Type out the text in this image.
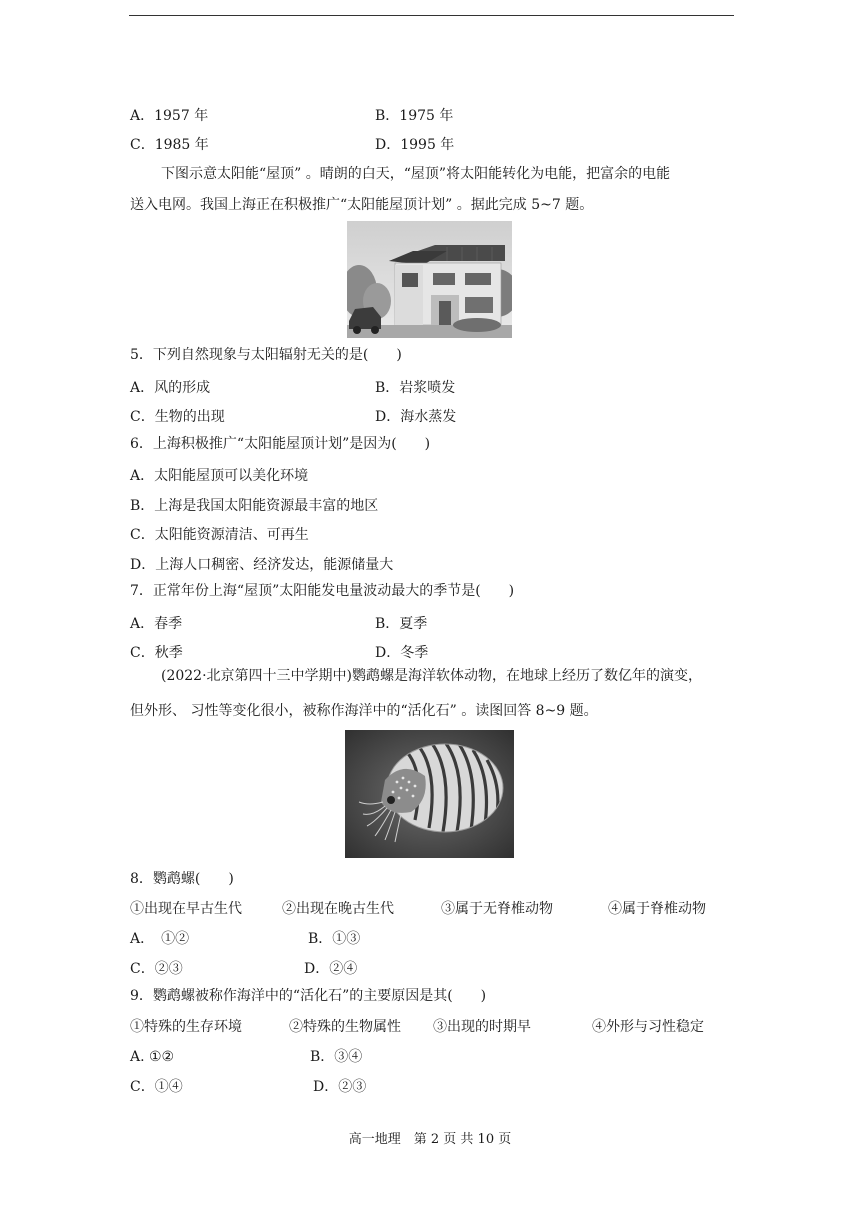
A．1957 年	B．1975 年
C．1985 年	D．1995 年
下图示意太阳能“屋顶” 。晴朗的白天，“屋顶”将太阳能转化为电能，把富余的电能
送入电网。我国上海正在积极推广“太阳能屋顶计划” 。据此完成 5~7 题。
5．下列自然现象与太阳辐射无关的是(　　)
A．风的形成	B．岩浆喷发
C．生物的出现	D．海水蒸发
6．上海积极推广“太阳能屋顶计划”是因为(　　)
A．太阳能屋顶可以美化环境
B．上海是我国太阳能资源最丰富的地区
C．太阳能资源清洁、可再生
D．上海人口稠密、经济发达，能源储量大
7．正常年份上海“屋顶”太阳能发电量波动最大的季节是(　　)
A．春季	B．夏季
C．秋季	D．冬季
(2022·北京第四十三中学期中)鹦鹉螺是海洋软体动物，在地球上经历了数亿年的演变，
但外形、 习性等变化很小，被称作海洋中的“活化石” 。读图回答 8~9 题。
8．鹦鹉螺(　　)
①出现在早古生代	②出现在晚古生代	③属于无脊椎动物	④属于脊椎动物
A．　①②	B．①③
C．②③	D．②④
9．鹦鹉螺被称作海洋中的“活化石”的主要原因是其(　　)
①特殊的生存环境	②特殊的生物属性 ③出现的时期早	④外形与习性稳定
A. ①②	B．③④
C．①④	D．②③
高一地理　第 2 页 共 10 页
